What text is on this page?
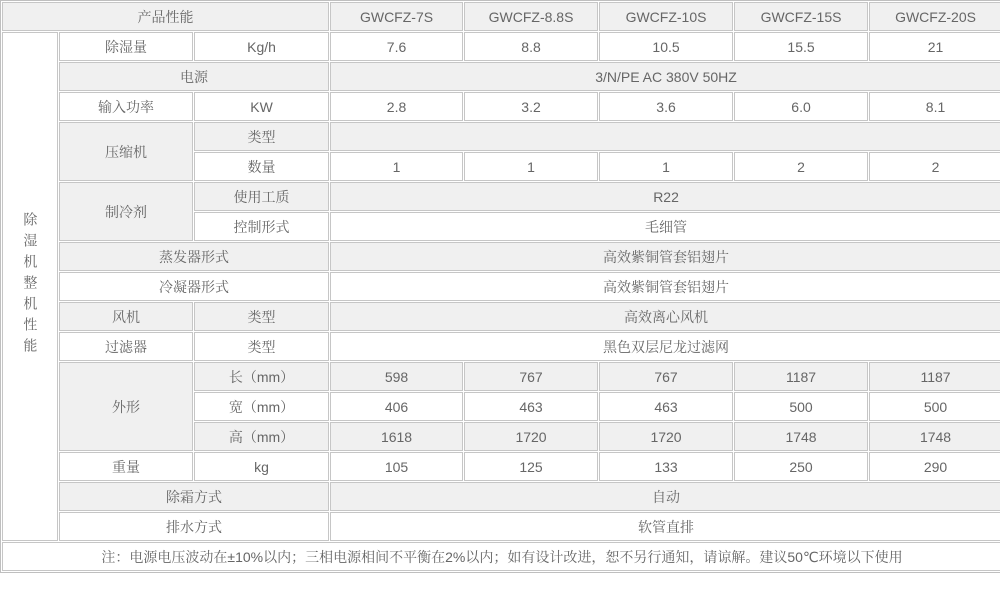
产品性能			GWCFZ-7S	GWCFZ-8.8S	GWCFZ-10S	GWCFZ-15S	GWCFZ-20S
除湿机整机性能	除湿量	Kg/h	7.6	8.8	10.5	15.5	21
	电源		3/N/PE AC 380V 50HZ				
	输入功率	KW	2.8	3.2	3.6	6.0	8.1
	压缩机	类型					
		数量	1	1	1	2	2
	制冷剂	使用工质	R22				
		控制形式	毛细管				
	蒸发器形式		高效紫铜管套铝翅片				
	冷凝器形式		高效紫铜管套铝翅片				
	风机	类型	高效离心风机				
	过滤器	类型	黑色双层尼龙过滤网				
	外形	长（mm）	598	767	767	1187	1187
		宽（mm）	406	463	463	500	500
		高（mm）	1618	1720	1720	1748	1748
	重量	kg	105	125	133	250	290
	除霜方式		自动				
	排水方式		软管直排				
注：电源电压波动在±10%以内；三相电源相间不平衡在2%以内；如有设计改进，恕不另行通知，请谅解。建议50℃环境以下使用							
